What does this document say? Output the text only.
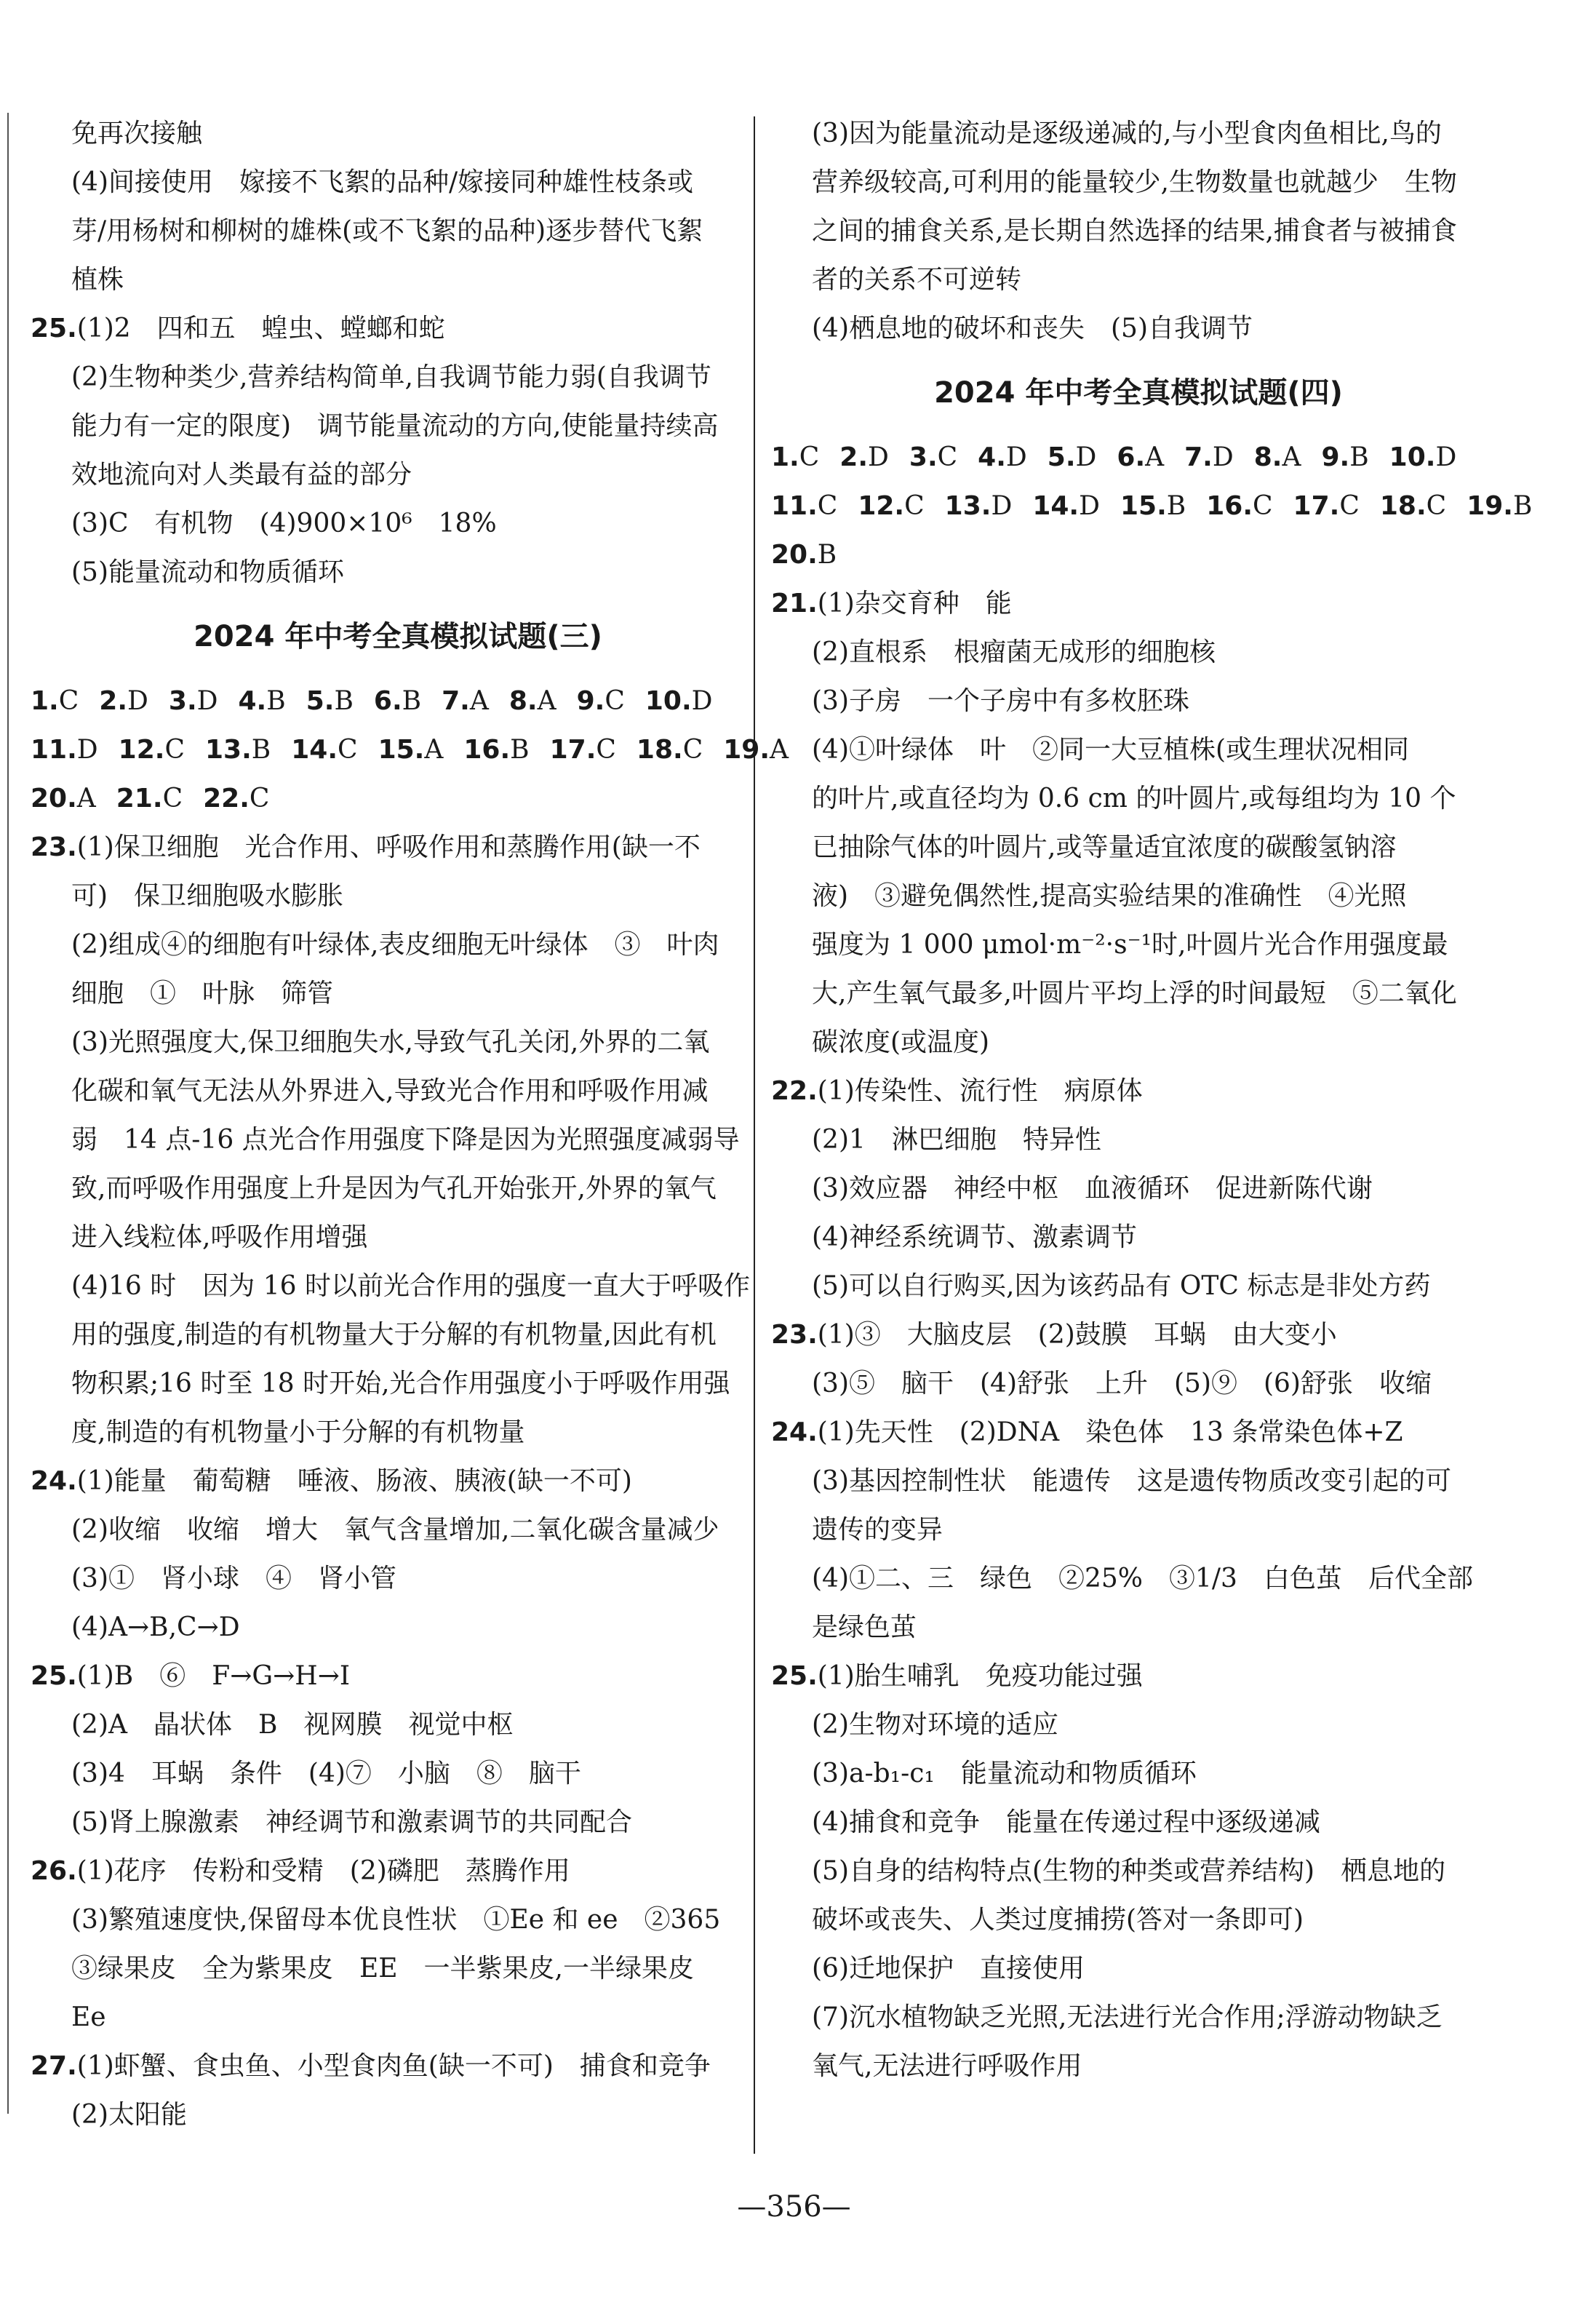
免再次接触
(4)间接使用　嫁接不飞絮的品种/嫁接同种雄性枝条或
芽/用杨树和柳树的雄株(或不飞絮的品种)逐步替代飞絮
植株
25.(1)2　四和五　蝗虫、螳螂和蛇
(2)生物种类少,营养结构简单,自我调节能力弱(自我调节
能力有一定的限度)　调节能量流动的方向,使能量持续高
效地流向对人类最有益的部分
(3)C　有机物　(4)900×10⁶　18%
(5)能量流动和物质循环
2024 年中考全真模拟试题(三)
1.C 2.D 3.D 4.B 5.B 6.B 7.A 8.A 9.C 10.D
11.D 12.C 13.B 14.C 15.A 16.B 17.C 18.C 19.A
20.A 21.C 22.C
23.(1)保卫细胞　光合作用、呼吸作用和蒸腾作用(缺一不
可)　保卫细胞吸水膨胀
(2)组成④的细胞有叶绿体,表皮细胞无叶绿体　③　叶肉
细胞　①　叶脉　筛管
(3)光照强度大,保卫细胞失水,导致气孔关闭,外界的二氧
化碳和氧气无法从外界进入,导致光合作用和呼吸作用减
弱　14 点-16 点光合作用强度下降是因为光照强度减弱导
致,而呼吸作用强度上升是因为气孔开始张开,外界的氧气
进入线粒体,呼吸作用增强
(4)16 时　因为 16 时以前光合作用的强度一直大于呼吸作
用的强度,制造的有机物量大于分解的有机物量,因此有机
物积累;16 时至 18 时开始,光合作用强度小于呼吸作用强
度,制造的有机物量小于分解的有机物量
24.(1)能量　葡萄糖　唾液、肠液、胰液(缺一不可)
(2)收缩　收缩　增大　氧气含量增加,二氧化碳含量减少
(3)①　肾小球　④　肾小管
(4)A→B,C→D
25.(1)B　⑥　F→G→H→I
(2)A　晶状体　B　视网膜　视觉中枢
(3)4　耳蜗　条件　(4)⑦　小脑　⑧　脑干
(5)肾上腺激素　神经调节和激素调节的共同配合
26.(1)花序　传粉和受精　(2)磷肥　蒸腾作用
(3)繁殖速度快,保留母本优良性状　①Ee 和 ee　②365
③绿果皮　全为紫果皮　EE　一半紫果皮,一半绿果皮
Ee
27.(1)虾蟹、食虫鱼、小型食肉鱼(缺一不可)　捕食和竞争
(2)太阳能
(3)因为能量流动是逐级递减的,与小型食肉鱼相比,鸟的
营养级较高,可利用的能量较少,生物数量也就越少　生物
之间的捕食关系,是长期自然选择的结果,捕食者与被捕食
者的关系不可逆转
(4)栖息地的破坏和丧失　(5)自我调节
2024 年中考全真模拟试题(四)
1.C 2.D 3.C 4.D 5.D 6.A 7.D 8.A 9.B 10.D
11.C 12.C 13.D 14.D 15.B 16.C 17.C 18.C 19.B
20.B
21.(1)杂交育种　能
(2)直根系　根瘤菌无成形的细胞核
(3)子房　一个子房中有多枚胚珠
(4)①叶绿体　叶　②同一大豆植株(或生理状况相同
的叶片,或直径均为 0.6 cm 的叶圆片,或每组均为 10 个
已抽除气体的叶圆片,或等量适宜浓度的碳酸氢钠溶
液)　③避免偶然性,提高实验结果的准确性　④光照
强度为 1 000 μmol·m⁻²·s⁻¹时,叶圆片光合作用强度最
大,产生氧气最多,叶圆片平均上浮的时间最短　⑤二氧化
碳浓度(或温度)
22.(1)传染性、流行性　病原体
(2)1　淋巴细胞　特异性
(3)效应器　神经中枢　血液循环　促进新陈代谢
(4)神经系统调节、激素调节
(5)可以自行购买,因为该药品有 OTC 标志是非处方药
23.(1)③　大脑皮层　(2)鼓膜　耳蜗　由大变小
(3)⑤　脑干　(4)舒张　上升　(5)⑨　(6)舒张　收缩
24.(1)先天性　(2)DNA　染色体　13 条常染色体+Z
(3)基因控制性状　能遗传　这是遗传物质改变引起的可
遗传的变异
(4)①二、三　绿色　②25%　③1/3　白色茧　后代全部
是绿色茧
25.(1)胎生哺乳　免疫功能过强
(2)生物对环境的适应
(3)a-b₁-c₁　能量流动和物质循环
(4)捕食和竞争　能量在传递过程中逐级递减
(5)自身的结构特点(生物的种类或营养结构)　栖息地的
破坏或丧失、人类过度捕捞(答对一条即可)
(6)迁地保护　直接使用
(7)沉水植物缺乏光照,无法进行光合作用;浮游动物缺乏
氧气,无法进行呼吸作用
—356—
